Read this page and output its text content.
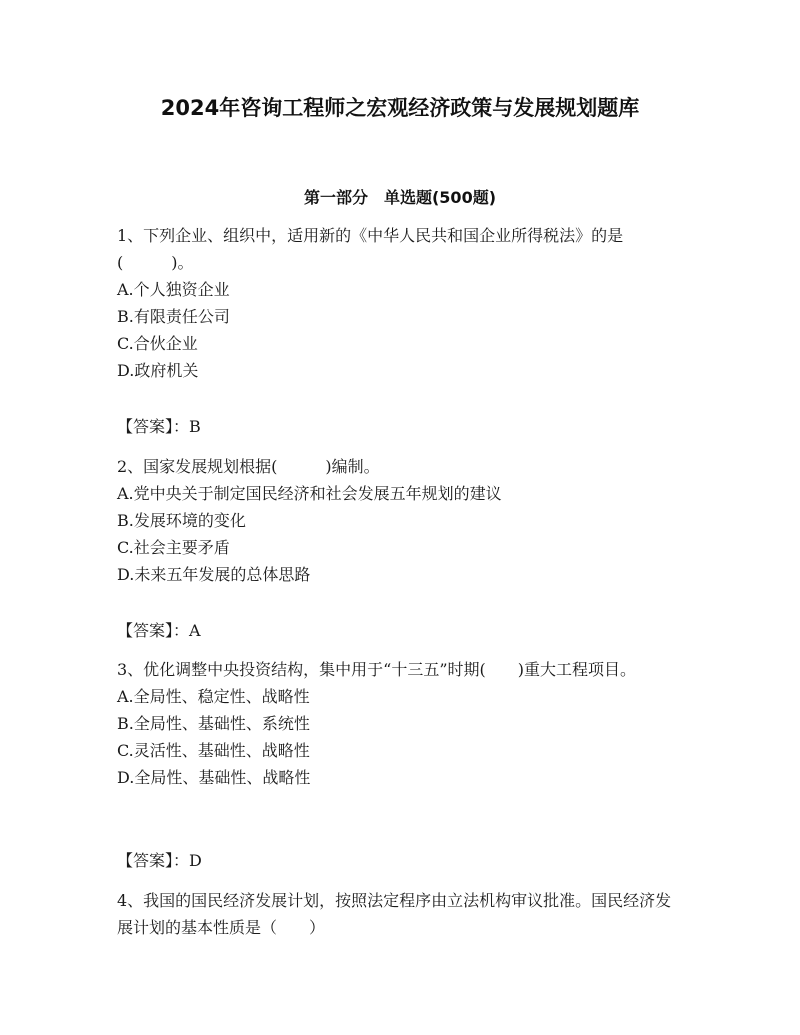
2024年咨询工程师之宏观经济政策与发展规划题库
第一部分　单选题(500题)

1、下列企业、组织中，适用新的《中华人民共和国企业所得税法》的是(　　　)。

A.个人独资企业

B.有限责任公司

C.合伙企业

D.政府机关

【答案】：B

2、国家发展规划根据(　　　)编制。

A.党中央关于制定国民经济和社会发展五年规划的建议

B.发展环境的变化

C.社会主要矛盾

D.未来五年发展的总体思路

【答案】：A

3、优化调整中央投资结构，集中用于“十三五”时期(　　)重大工程项目。

A.全局性、稳定性、战略性

B.全局性、基础性、系统性

C.灵活性、基础性、战略性

D.全局性、基础性、战略性

【答案】：D

4、我国的国民经济发展计划，按照法定程序由立法机构审议批准。国民经济发展计划的基本性质是（　　）
